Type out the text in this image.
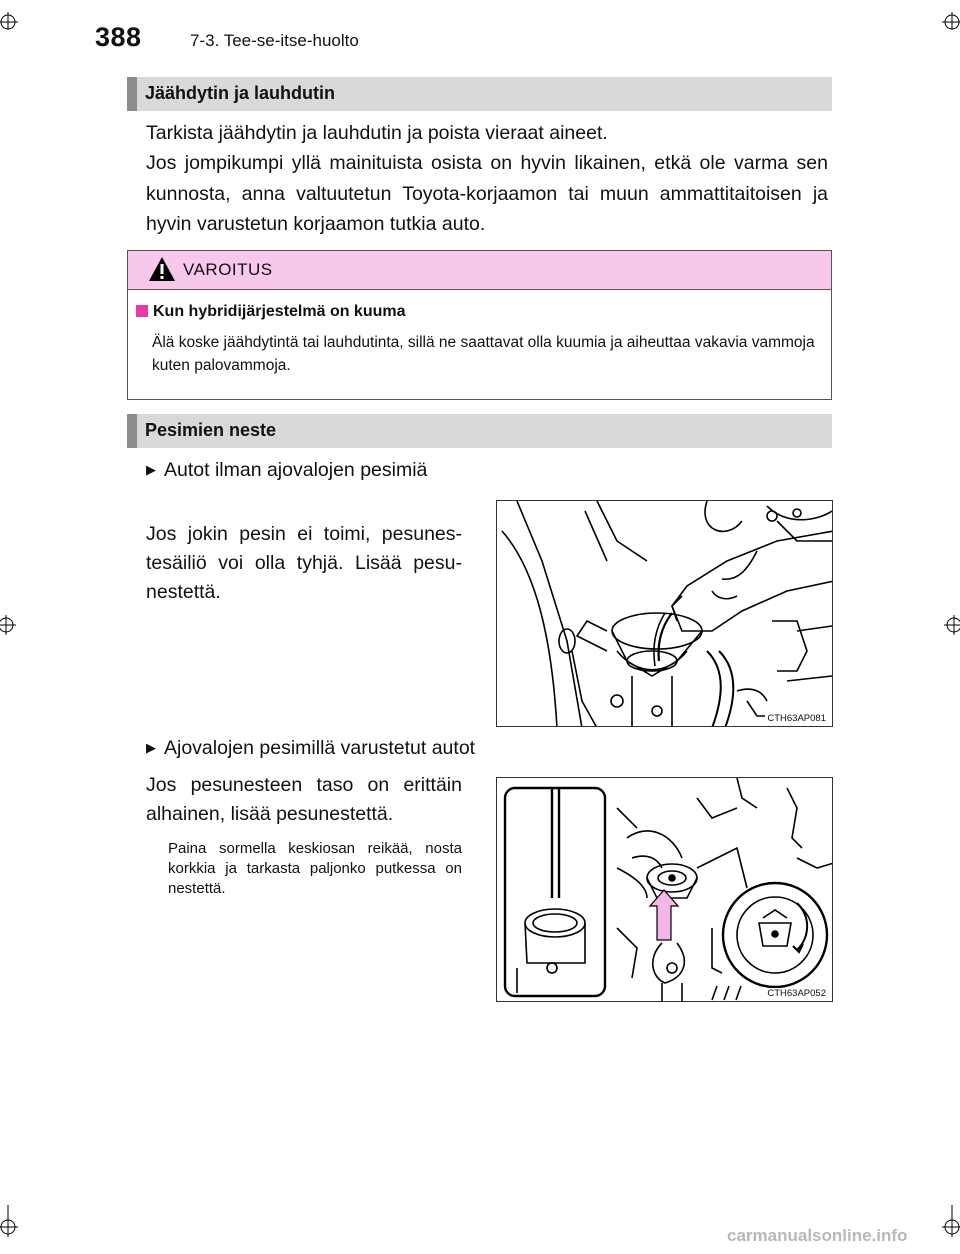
388	7-3. Tee-se-itse-huolto
Jäähdytin ja lauhdutin
Tarkista jäähdytin ja lauhdutin ja poista vieraat aineet.
Jos jompikumpi yllä mainituista osista on hyvin likainen, etkä ole varma sen kunnosta, anna valtuutetun Toyota-korjaamon tai muun ammattitaitoisen ja hyvin varustetun korjaamon tutkia auto.
VAROITUS
Kun hybridijärjestelmä on kuuma
Älä koske jäähdytintä tai lauhdutinta, sillä ne saattavat olla kuumia ja aiheuttaa vakavia vammoja kuten palovammoja.
Pesimien neste
▶ Autot ilman ajovalojen pesimiä
Jos jokin pesin ei toimi, pesunes-tesäiliö voi olla tyhjä. Lisää pesu-nestettä.
CTH63AP081
▶ Ajovalojen pesimillä varustetut autot
Jos pesunesteen taso on erittäin alhainen, lisää pesunestettä.
Paina sormella keskiosan reikää, nosta korkkia ja tarkasta paljonko putkessa on nestettä.
CTH63AP052
carmanualsonline.info
